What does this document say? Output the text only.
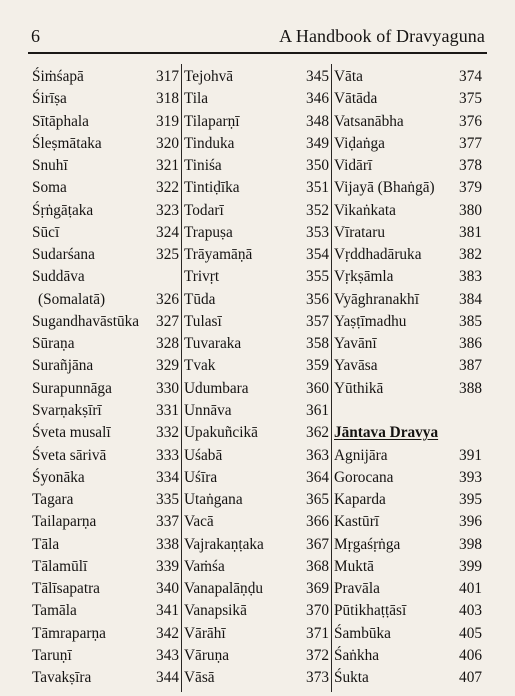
6	A Handbook of Dravyaguna
Śiṁśapā	317
Śirīṣa	318
Sītāphala	319
Śleṣmātaka	320
Snuhī	321
Soma	322
Śṛṅgāṭaka	323
Sūcī	324
Sudarśana	325
Suddāva
(Somalatā)	326
Sugandhavāstūka 327
Sūraṇa	328
Surañjāna	329
Surapunnāga	330
Svarṇakṣīrī	331
Śveta musalī	332
Śveta sārivā	333
Śyonāka	334
Tagara	335
Tailaparṇa	337
Tāla	338
Tālamūlī	339
Tālīsapatra	340
Tamāla	341
Tāmraparṇa	342
Taruṇī	343
Tavakṣīra	344
Tejohvā	345
Tila	346
Tilaparṇī	348
Tinduka	349
Tiniśa	350
Tintiḍīka	351
Todarī	352
Trapuṣa	353
Trāyamāṇā	354
Trivṛt	355
Tūda	356
Tulasī	357
Tuvaraka	358
Tvak	359
Udumbara	360
Unnāva	361
Upakuñcikā	362
Uśabā	363
Uśīra	364
Utaṅgana	365
Vacā	366
Vajrakaṇṭaka	367
Vaṁśa	368
Vanapalāṇḍu	369
Vanapsikā	370
Vārāhī	371
Vāruṇa	372
Vāsā	373
Vāta	374
Vātāda	375
Vatsanābha	376
Viḍaṅga	377
Vidārī	378
Vijayā (Bhaṅgā) 379
Vikaṅkata	380
Vīrataru	381
Vṛddhadāruka 382
Vṛkṣāmla	383
Vyāghranakhī	384
Yaṣṭīmadhu	385
Yavānī	386
Yavāsa	387
Yūthikā	388
Jāntava Dravya
Agnijāra	391
Gorocana	393
Kaparda	395
Kastūrī	396
Mṛgaśṛṅga	398
Muktā	399
Pravāla	401
Pūtikhaṭṭāsī	403
Śambūka	405
Śaṅkha	406
Śukta	407
